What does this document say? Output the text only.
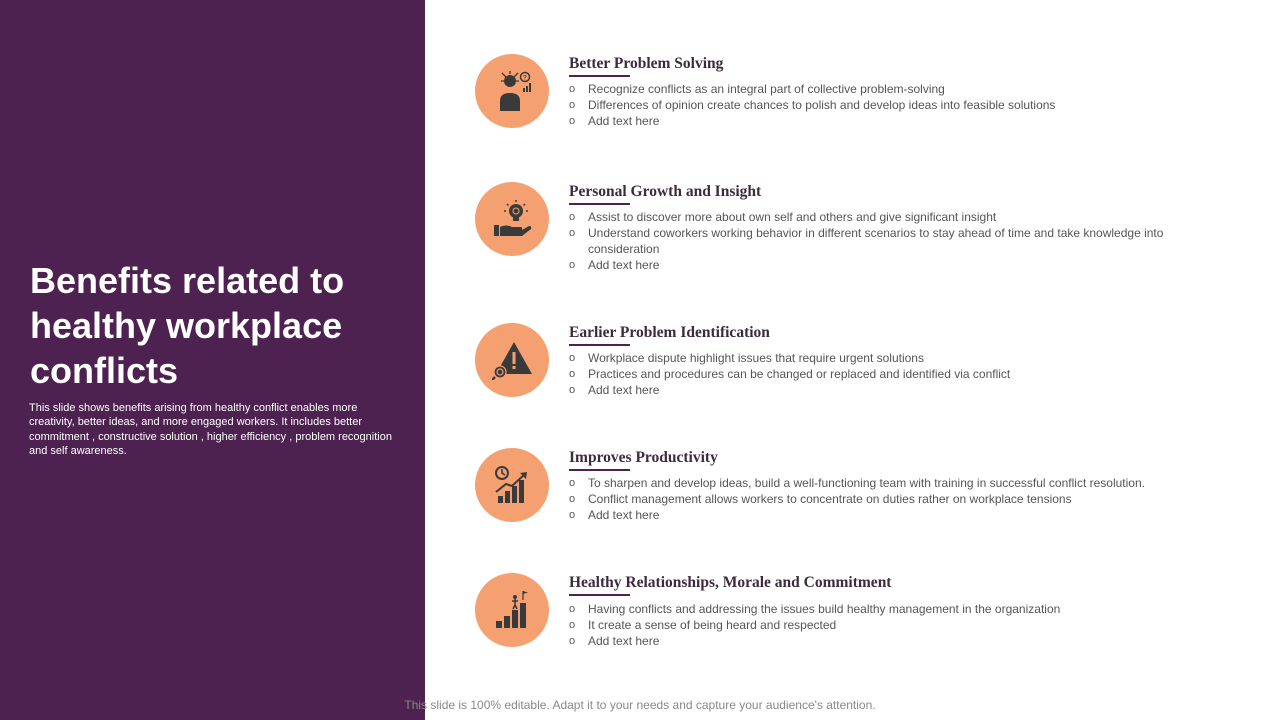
Benefits related to healthy workplace conflicts

This slide shows benefits arising from healthy conflict enables more creativity, better ideas, and more engaged workers. It includes better commitment , constructive solution , higher efficiency , problem recognition and self awareness.

?
Better Problem Solving
o Recognize conflicts as an integral part of collective problem-solving
o Differences of opinion create chances to polish and develop ideas into feasible solutions
o Add text here
Personal Growth and Insight
o Assist to discover more about own self and others and give significant insight
o Understand coworkers working behavior in different scenarios to stay ahead of time and take knowledge into consideration
o Add text here
Earlier Problem Identification
o Workplace dispute highlight issues that require urgent solutions
o Practices and procedures can be changed or replaced and identified via conflict
o Add text here
Improves Productivity
o To sharpen and develop ideas, build a well-functioning team with training in successful conflict resolution.
o Conflict management allows workers to concentrate on duties rather on workplace tensions
o Add text here
Healthy Relationships, Morale and Commitment
o Having conflicts and addressing the issues build healthy management in the organization
o It create a sense of being heard and respected
o Add text here
This slide is 100% editable. Adapt it to your needs and capture your audience's attention.
